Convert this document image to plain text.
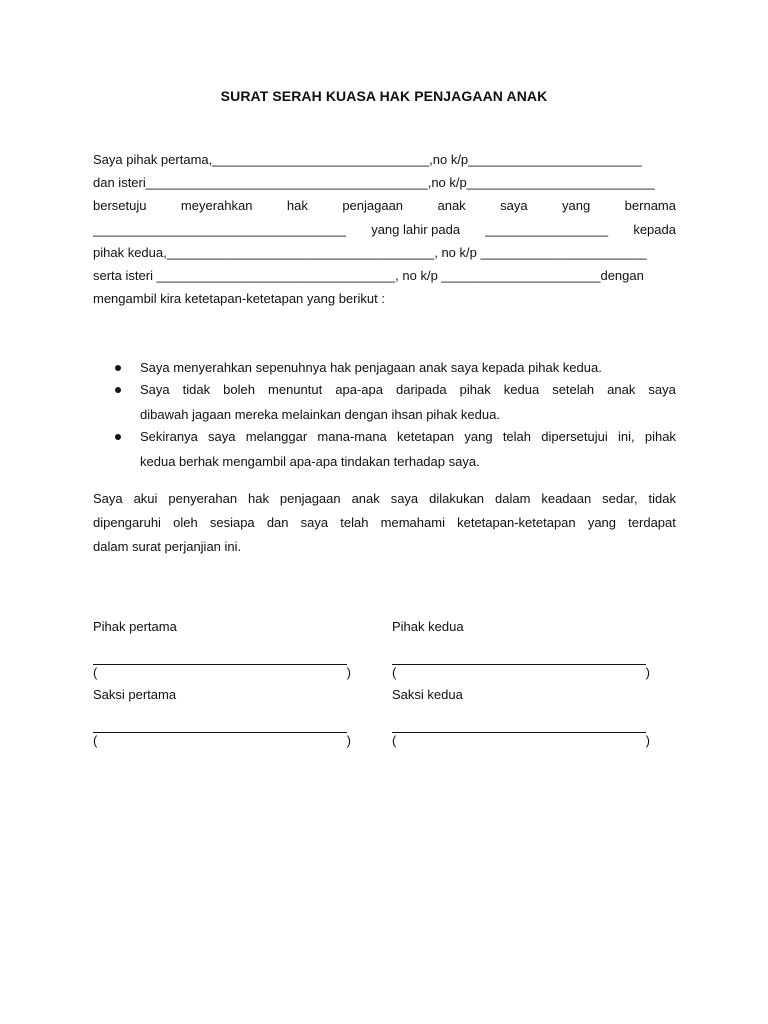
SURAT SERAH KUASA HAK PENJAGAAN ANAK
Saya pihak pertama,______________________________,no k/p________________________
dan isteri_______________________________________,no k/p__________________________
bersetuju	meyerahkan	hak	penjagaan	anak	saya	yang	bernama
___________________________________ yang lahir pada _________________ kepada
pihak kedua,_____________________________________, no k/p _______________________
serta isteri _________________________________, no k/p ______________________dengan
mengambil kira ketetapan-ketetapan yang berikut :
Saya menyerahkan sepenuhnya hak penjagaan anak saya kepada pihak kedua.
Saya tidak boleh menuntut apa-apa daripada pihak kedua setelah anak saya
dibawah jagaan mereka melainkan dengan ihsan pihak kedua.
Sekiranya saya melanggar mana-mana ketetapan yang telah dipersetujui ini, pihak
kedua berhak mengambil apa-apa tindakan terhadap saya.
Saya akui penyerahan hak penjagaan anak saya dilakukan dalam keadaan sedar, tidak
dipengaruhi oleh sesiapa dan saya telah memahami ketetapan-ketetapan yang terdapat
dalam surat perjanjian ini.
Pihak pertama
(	)
Pihak kedua
(	)
Saksi pertama
(	)
Saksi kedua
(	)
